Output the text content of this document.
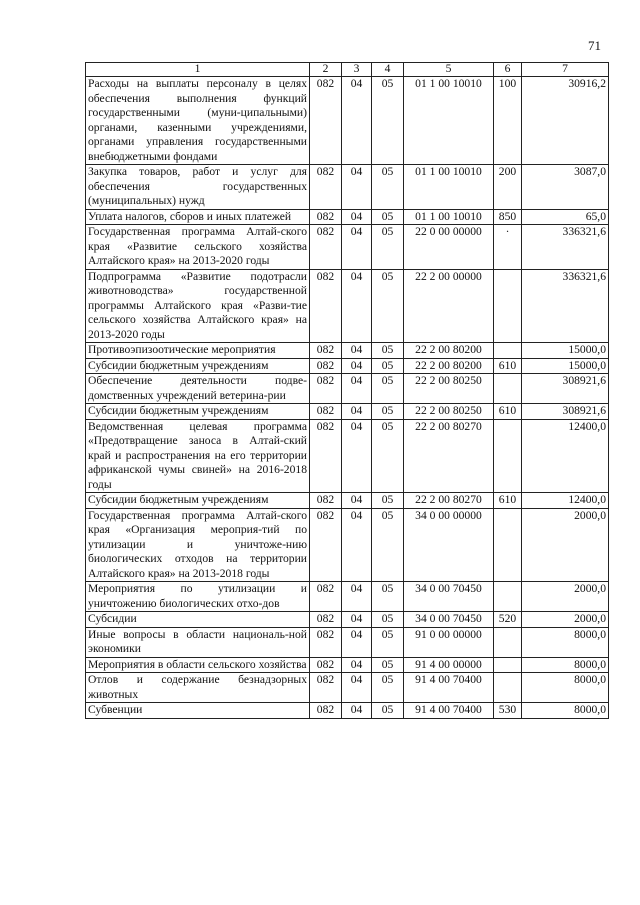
71
1	2	3	4	5	6	7
Расходы на выплаты персоналу в целях обеспечения выполнения функций государственными (муни-ципальными) органами, казенными учреждениями, органами управления государственными внебюджетными фондами	082	04	05	01 1 00 10010	100	30916,2
Закупка товаров, работ и услуг для обеспечения государственных (муниципальных) нужд	082	04	05	01 1 00 10010	200	3087,0
Уплата налогов, сборов и иных платежей	082	04	05	01 1 00 10010	850	65,0
Государственная программа Алтай-ского края «Развитие сельского хозяйства Алтайского края» на 2013-2020 годы	082	04	05	22 0 00 00000	·	336321,6
Подпрограмма «Развитие подотрасли животноводства» государственной программы Алтайского края «Разви-тие сельского хозяйства Алтайского края» на 2013-2020 годы	082	04	05	22 2 00 00000		336321,6
Противоэпизоотические мероприятия	082	04	05	22 2 00 80200		15000,0
Субсидии бюджетным учреждениям	082	04	05	22 2 00 80200	610	15000,0
Обеспечение деятельности подве-домственных учреждений ветерина-рии	082	04	05	22 2 00 80250		308921,6
Субсидии бюджетным учреждениям	082	04	05	22 2 00 80250	610	308921,6
Ведомственная целевая программа «Предотвращение заноса в Алтай-ский край и распространения на его территории африканской чумы свиней» на 2016-2018 годы	082	04	05	22 2 00 80270		12400,0
Субсидии бюджетным учреждениям	082	04	05	22 2 00 80270	610	12400,0
Государственная программа Алтай-ского края «Организация мероприя-тий по утилизации и уничтоже-нию биологических отходов на территории Алтайского края» на 2013-2018 годы	082	04	05	34 0 00 00000		2000,0
Мероприятия по утилизации и уничтожению биологических отхо-дов	082	04	05	34 0 00 70450		2000,0
Субсидии	082	04	05	34 0 00 70450	520	2000,0
Иные вопросы в области националь-ной экономики	082	04	05	91 0 00 00000		8000,0
Мероприятия в области сельского хозяйства	082	04	05	91 4 00 00000		8000,0
Отлов и содержание безнадзорных животных	082	04	05	91 4 00 70400		8000,0
Субвенции	082	04	05	91 4 00 70400	530	8000,0
